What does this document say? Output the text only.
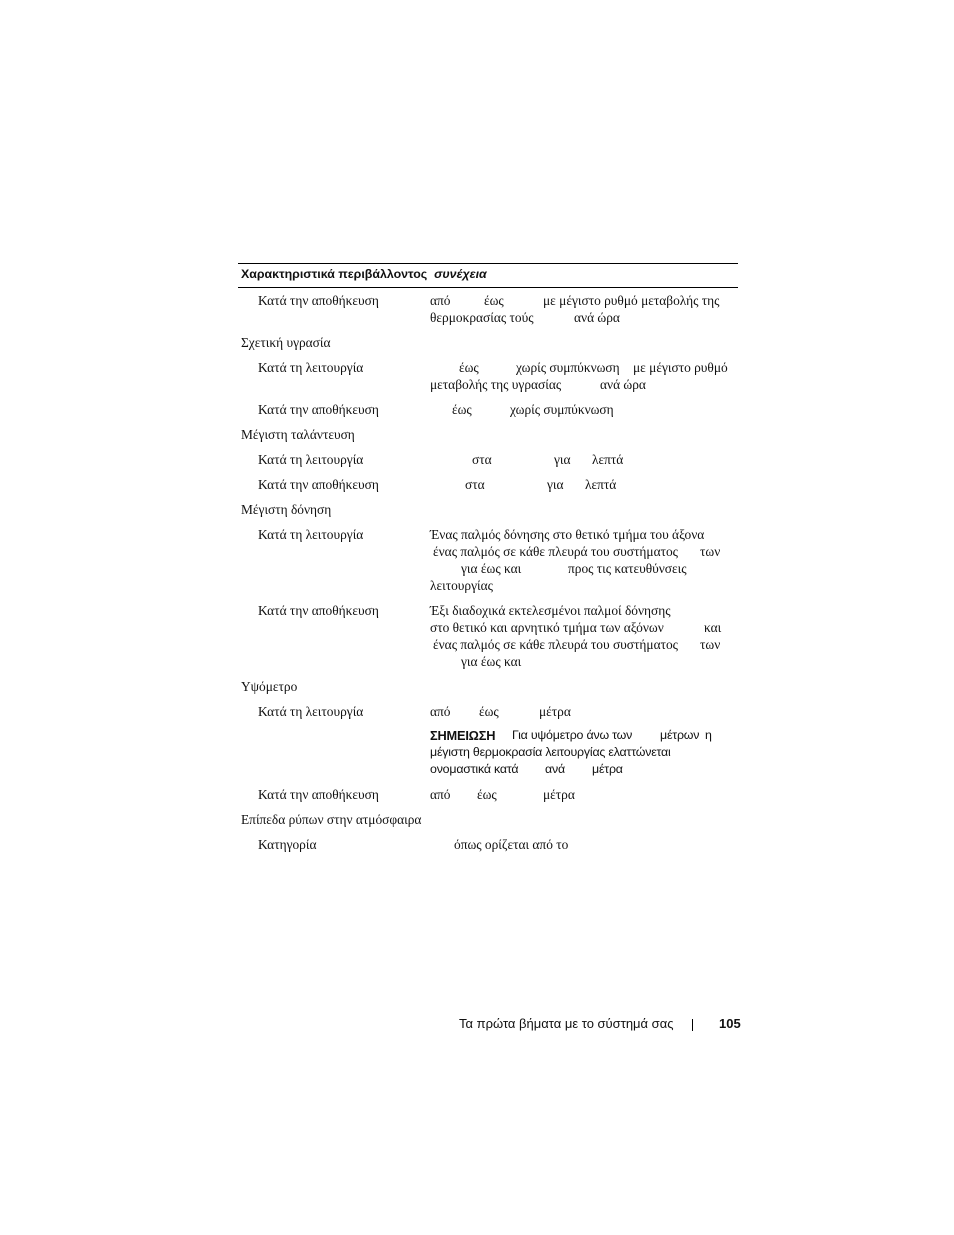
Χαρακτηριστικά περιβάλλοντος συνέχεια
Κατά την αποθήκευση	από	έως	με μέγιστο ρυθμό μεταβολής της
θερμοκρασίας τούς	ανά ώρα
Σχετική υγρασία
Κατά τη λειτουργία	έως	χωρίς συμπύκνωση με μέγιστο ρυθμό
μεταβολής της υγρασίας	ανά ώρα
Κατά την αποθήκευση	έως	χωρίς συμπύκνωση
Μέγιστη ταλάντευση
Κατά τη λειτουργία	στα	για λεπτά
Κατά την αποθήκευση	στα	για λεπτά
Μέγιστη δόνηση
Κατά τη λειτουργία	Ένας παλμός δόνησης στο θετικό τμήμα του άξονα
ένας παλμός σε κάθε πλευρά του συστήματος των
για έως και	προς τις κατευθύνσεις
λειτουργίας
Κατά την αποθήκευση	Έξι διαδοχικά εκτελεσμένοι παλμοί δόνησης
στο θετικό και αρνητικό τμήμα των αξόνων	και
ένας παλμός σε κάθε πλευρά του συστήματος των
για έως και
Υψόμετρο
Κατά τη λειτουργία	από έως	μέτρα
ΣΗΜΕΙΩΣΗ Για υψόμετρο άνω των μέτρων η
μέγιστη θερμοκρασία λειτουργίας ελαττώνεται
ονομαστικά κατά ανά μέτρα
Κατά την αποθήκευση	από έως	μέτρα
Επίπεδα ρύπων στην ατμόσφαιρα
Κατηγορία	όπως ορίζεται από το
Τα πρώτα βήματα με το σύστημά σας	105
